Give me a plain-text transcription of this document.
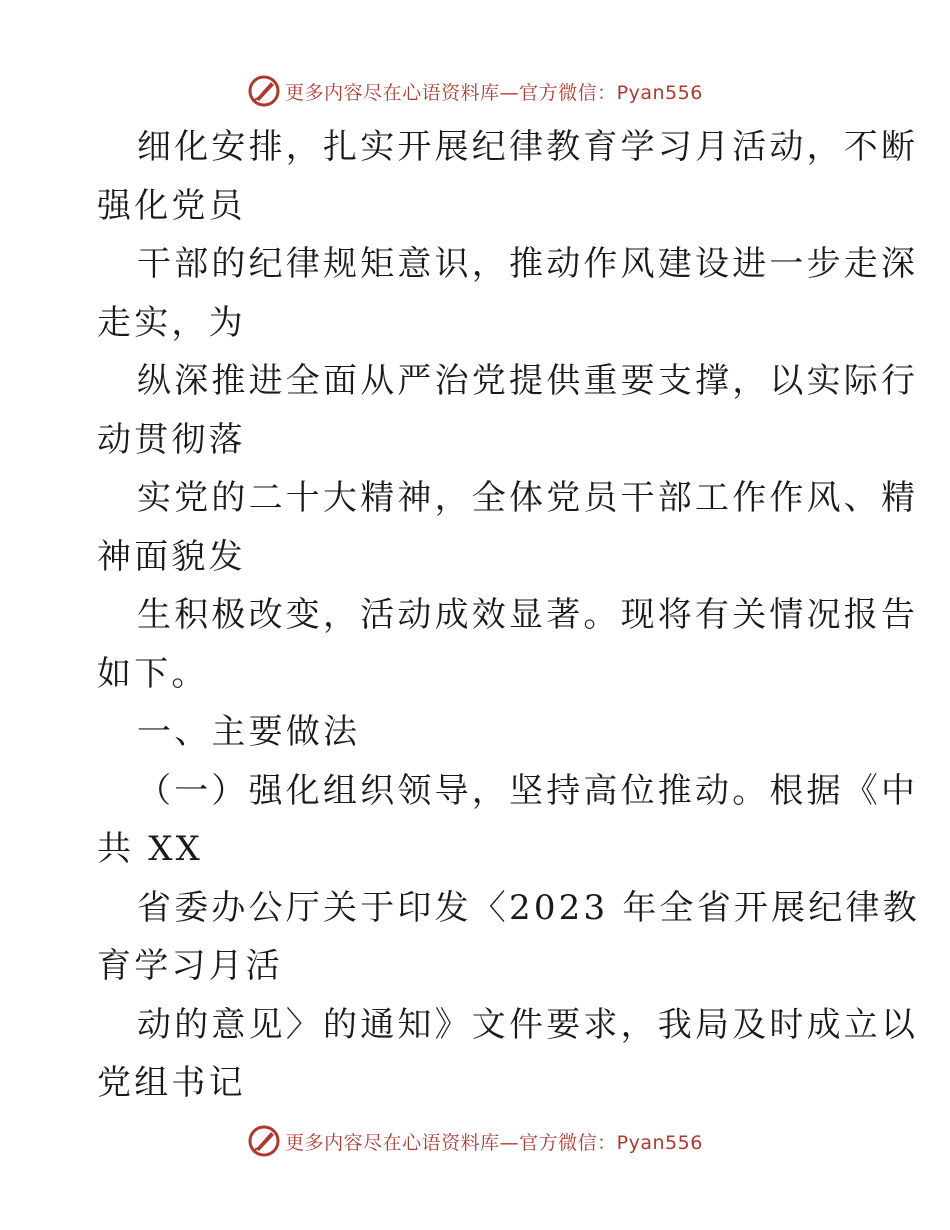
更多内容尽在心语资料库—官方微信：Pyan556

细化安排，扎实开展纪律教育学习月活动，不断

强化党员

干部的纪律规矩意识，推动作风建设进一步走深

走实，为

纵深推进全面从严治党提供重要支撑，以实际行

动贯彻落

实党的二十大精神，全体党员干部工作作风、精

神面貌发

生积极改变，活动成效显著。现将有关情况报告

如下。

一、主要做法

（一）强化组织领导，坚持高位推动。根据《中

共 XX

省委办公厅关于印发〈2023 年全省开展纪律教

育学习月活

动的意见〉的通知》文件要求，我局及时成立以

党组书记

更多内容尽在心语资料库—官方微信：Pyan556
